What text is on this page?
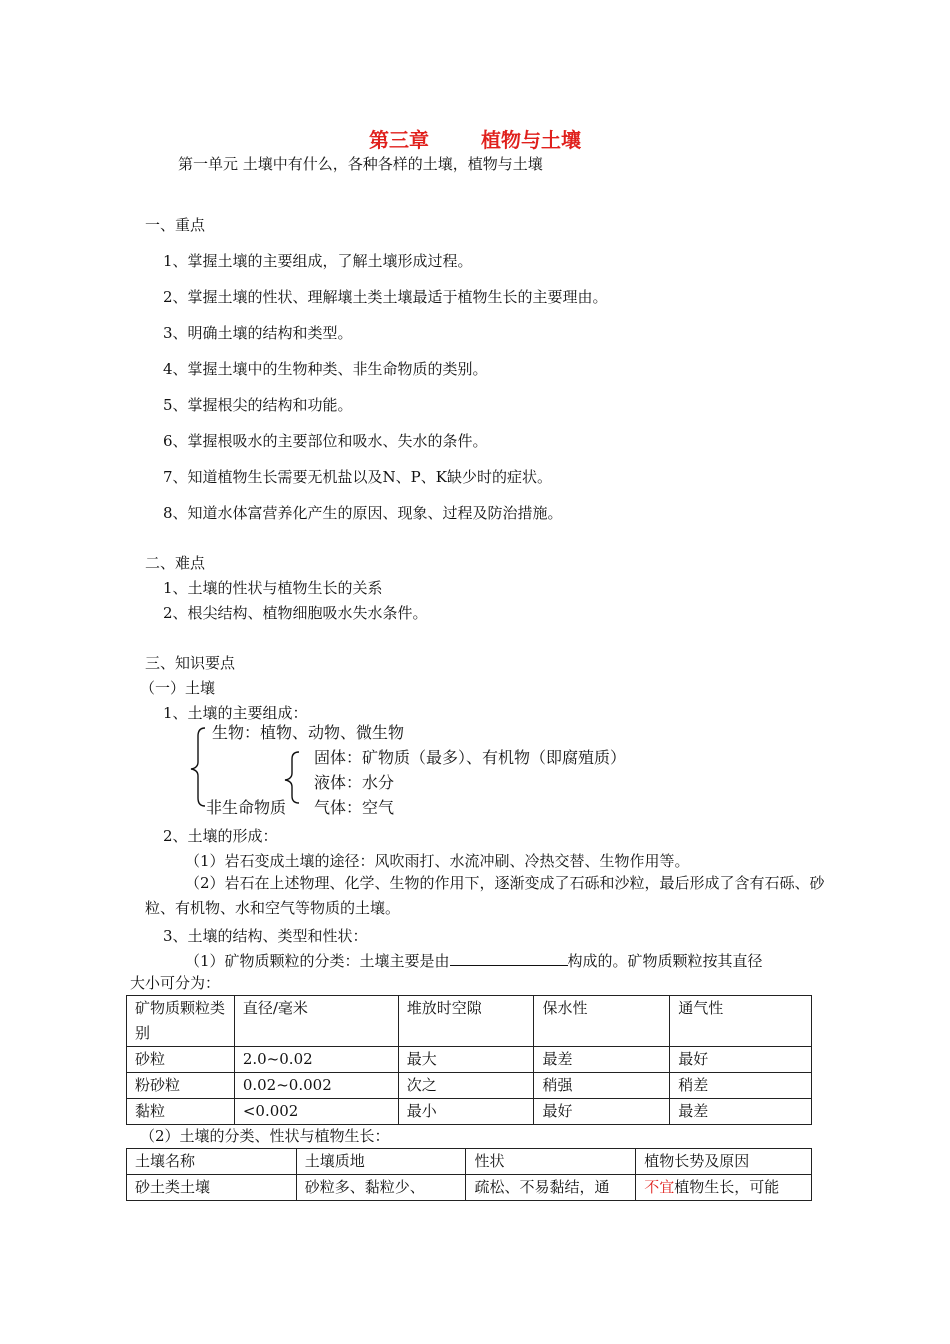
第三章	植物与土壤
第一单元 土壤中有什么，各种各样的土壤，植物与土壤
一、重点
1、掌握土壤的主要组成，了解土壤形成过程。
2、掌握土壤的性状、理解壤土类土壤最适于植物生长的主要理由。
3、明确土壤的结构和类型。
4、掌握土壤中的生物种类、非生命物质的类别。
5、掌握根尖的结构和功能。
6、掌握根吸水的主要部位和吸水、失水的条件。
7、知道植物生长需要无机盐以及N、P、K缺少时的症状。
8、知道水体富营养化产生的原因、现象、过程及防治措施。
二、难点
1、土壤的性状与植物生长的关系
2、根尖结构、植物细胞吸水失水条件。
三、知识要点
（一）土壤
1、土壤的主要组成：
生物：植物、动物、微生物
固体：矿物质（最多）、有机物（即腐殖质）
液体：水分
非生命物质 气体：空气
2、土壤的形成：
（1）岩石变成土壤的途径：风吹雨打、水流冲刷、冷热交替、生物作用等。
（2）岩石在上述物理、化学、生物的作用下，逐渐变成了石砾和沙粒，最后形成了含有石砾、砂粒、有机物、水和空气等物质的土壤。
3、土壤的结构、类型和性状：
（1）矿物质颗粒的分类：土壤主要是由	构成的。矿物质颗粒按其直径
大小可分为：
矿物质颗粒类别	直径/毫米	堆放时空隙	保水性	通气性
砂粒	2.0~0.02	最大	最差	最好
粉砂粒	0.02~0.002	次之	稍强	稍差
黏粒	<0.002	最小	最好	最差
（2）土壤的分类、性状与植物生长：
土壤名称	土壤质地	性状	植物长势及原因
砂土类土壤	砂粒多、黏粒少、	疏松、不易黏结，通	不宜植物生长，可能
